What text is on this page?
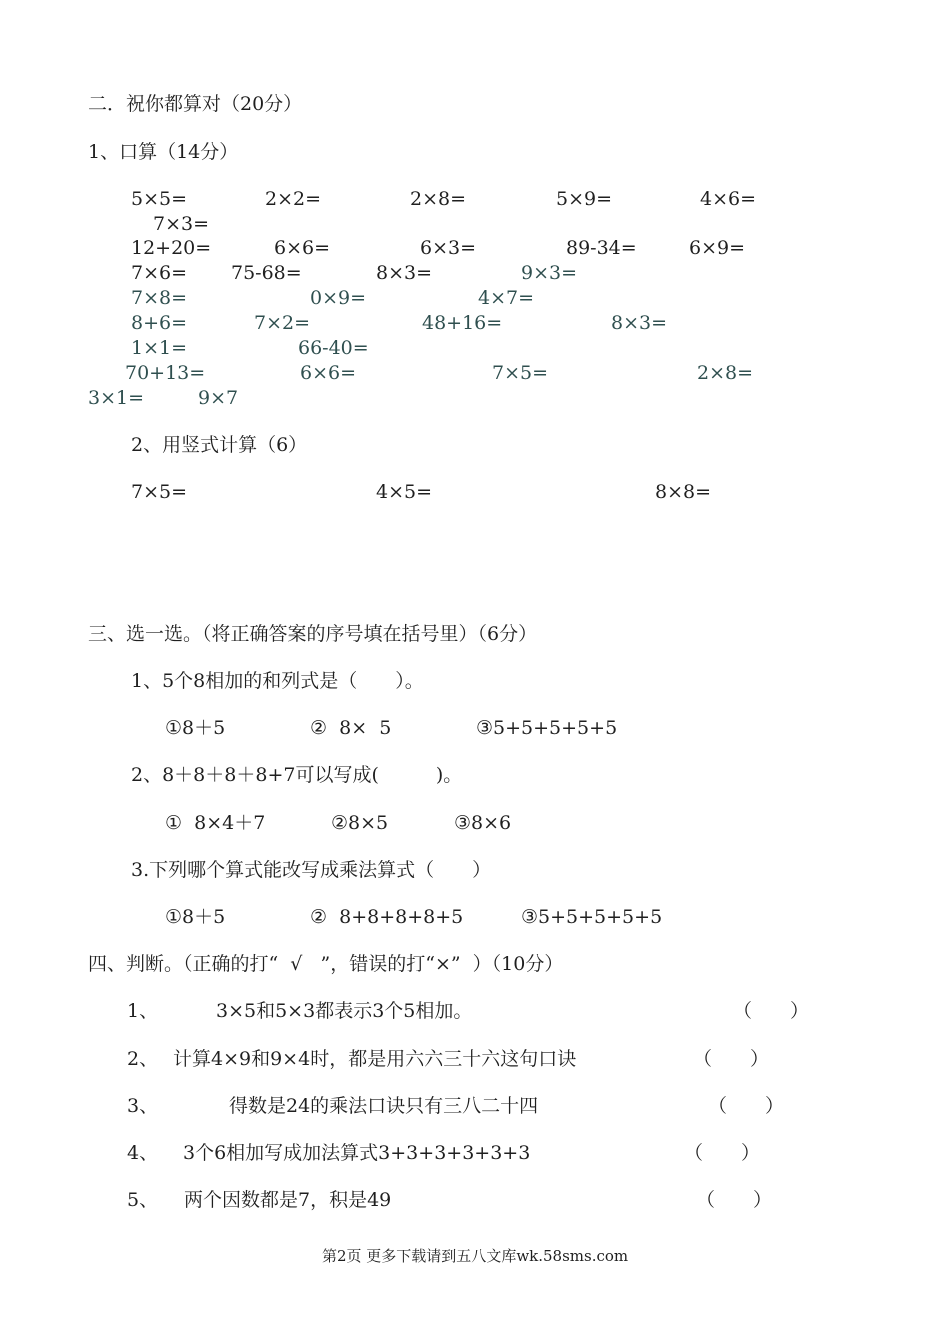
二．祝你都算对（20分）
1、口算（14分）
5×5=	2×2=	2×8=	5×9=	4×6=
7×3=
12+20=	6×6=	6×3=	89-34=	6×9=
7×6= 75-68=	8×3=	9×3=
7×8=	0×9=	4×7=
8+6=	7×2=	48+16=	8×3=
1×1=	66-40=
70+13=	6×6=	7×5=	2×8=
3×1=	9×7
2、用竖式计算（6）
7×5=	4×5=	8×8=
三、选一选。（将正确答案的序号填在括号里）（6分）
1、5个8相加的和列式是（　　）。
①8＋5	②  8×  5	③5+5+5+5+5
2、8＋8＋8＋8+7可以写成(　　　)。
①  8×4＋7	②8×5	③8×6
3.下列哪个算式能改写成乘法算式（　　）
①8＋5	②  8+8+8+8+5	③5+5+5+5+5
四、判断。（正确的打“  √   ”，错误的打“×”  ）（10分）
1、	3×5和5×3都表示3个5相加。	（　　）
2、 计算4×9和9×4时，都是用六六三十六这句口诀	（　　）
3、	得数是24的乘法口诀只有三八二十四	（　　）
4、 3个6相加写成加法算式3+3+3+3+3+3	（　　）
5、 两个因数都是7，积是49	（　　）
第2页 更多下载请到五八文库wk.58sms.com
